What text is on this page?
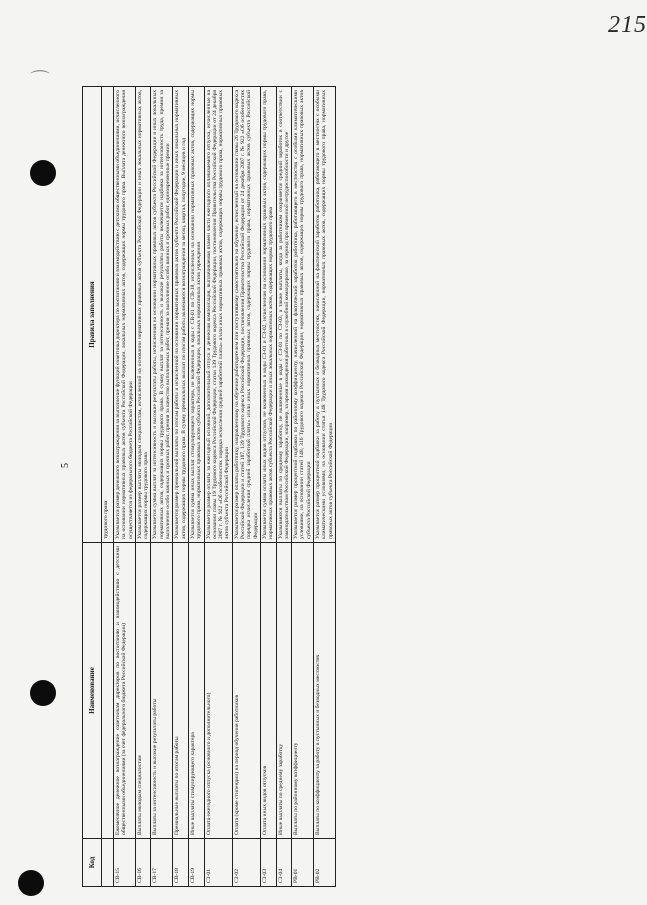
215
⌒
5
Код	Наименование	Правила заполнения
		трудового права
СВ-15	Ежемесячное денежное вознаграждение советникам директоров по воспитанию и взаимодействию с детскими общественными объединениями (за счет федерального бюджета Российской Федерации)	Указывается размер денежного вознаграждения за выполнение функций советника директора по воспитанию и взаимодействию с детскими общественными объединениями, исчисленного на основании нормативных правовых актов субъекта Российской Федерации, локальных нормативных актов, содержащих нормы трудового права. Выплата денежного вознаграждения осуществляется из федерального бюджета Российской Федерации
СВ-16	Выплаты молодым специалистам	Указывается размер выплаты молодым специалистам, исчисленной на основании нормативных правовых актов субъекта Российской Федерации и иных локальных нормативных актов, содержащих нормы трудового права
СВ-17	Выплаты за интенсивность и высокие результаты работы	Указывается сумма выплат за интенсивность и высокие результаты работы, исчисленная на основании нормативных правовых актов субъекта Российской Федерации и иных локальных нормативных актов, содержащих нормы трудового права. В сумму выплат за интенсивность и высокие результаты работы включаются надбавка за интенсивность труда, премия за выполнение особо важных и срочных работ, премия за качество выполняемых работ, премия за выполнение особо важных и срочных работ, единовременные премии
СВ-18	Премиальные выплаты по итогам работы	Указывается размер премиальной выплаты по итогам работы и исчисленной на основании нормативных правовых актов субъекта Российской Федерации и иных локальных нормативных актов, содержащих нормы трудового права. В сумму премиальных выплат по итогам работы включаются вознаграждения за месяц, квартал, полугодие, 9 месяцев и год
СВ-19	Иные выплаты стимулирующего характера	Указывается сумма иных выплат стимулирующего характера, не включенных в коды с СВ-01 по СВ-18, исчисленных на основании нормативных правовых актов, содержащих нормы трудового права, нормативных правовых актов субъекта Российской Федерации, локальных нормативных актов учреждения
СЗ-01	Оплата ежегодного отпуска (основного и дополнительного)	Указывается размер оплаты за ежегодный основной, дополнительный отпуск и денежная компенсация, выплачиваемая взамен части ежегодного оплачиваемого отпуска, исчисленные на основании главы 19 Трудового кодекса Российской Федерации, статьи 139 Трудового кодекса Российской Федерации, постановления Правительства Российской Федерации от 24 декабря 2007 г. № 922 «Об особенностях порядка исчисления средней заработной платы» и/или иных нормативных правовых актов, содержащих нормы трудового права, нормативных правовых актов субъекта Российской Федерации
СЗ-02	Оплата (кроме стипендии) на период обучения работников	Указывается размер оплаты работнику, направленному на обучение работодателем или поступившему самостоятельно на обучение, исчисленный на основании главы 26 Трудового кодекса Российской Федерации и статей 187, 139 Трудового кодекса Российской Федерации, постановления Правительства Российской Федерации от 24 декабря 2007 г. № 922 «Об особенностях порядка исчисления средней заработной платы» и/или иных нормативных правовых актов, содержащих нормы трудового права, нормативных правовых актов субъекта Российской Федерации
СЗ-03	Оплата иных видов отпусков	Указывается сумма оплаты иных видов отпусков, не включенных в коды СЗ-01 и СЗ-02, исчисленная на основании нормативных правовых актов, содержащих нормы трудового права, нормативных правовых актов субъекта Российской Федерации и иных локальных нормативных актов, содержащих нормы трудового права
СЗ-04	Иные выплаты по среднему заработку	Указываются выплаты по среднему заработку, не включенные в коды с СЗ-01 по СЗ-03, а также выплаты, когда за работником сохраняется средний заработок в соответствии с законодательством Российской Федерации, например, за время нахождения работника в служебной командировке, за период при временной нетрудоспособности и другое
РВ-01	Выплаты по районному коэффициенту	Указывается размер процентной надбавки по районному коэффициенту, начисленной на фактический заработок работника, работающего в местностях с особыми климатическими условиями, на основании статей 148, 316 Трудового кодекса Российской Федерации, нормативных правовых актов, содержащих нормы трудового права, нормативных правовых актов субъекта Российской Федерации
РВ-02	Выплаты по коэффициенту за работу в пустынных и безводных местностях	Указывается размер процентной надбавки за работу в пустынных и безводных местностях, начисленной на фактический заработок работника, работающего в местностях с особыми климатическими условиями, на основании статьи 148 Трудового кодекса Российской Федерации, нормативных правовых актов, содержащих нормы трудового права, нормативных правовых актов субъекта Российской Федерации
